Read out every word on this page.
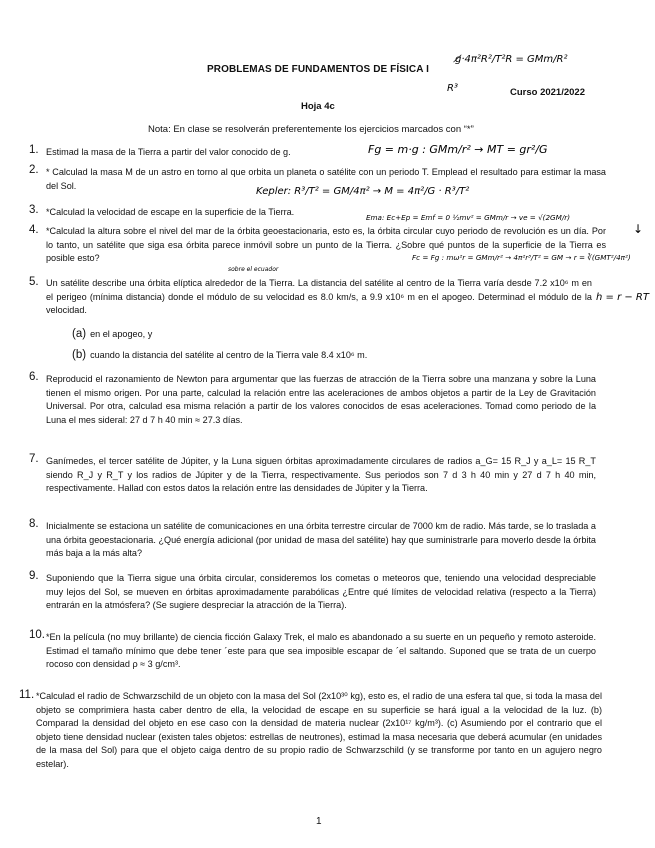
PROBLEMAS DE FUNDAMENTOS DE FÍSICA I
Curso 2021/2022
Hoja 4c
Nota: En clase se resolverán preferentemente los ejercicios marcados con “*”
g̸·4π²R²/T²R = GMm/R²
R³
Fg = m·g : GMm/r² → MT = gr²/G
Kepler: R³/T² = GM/4π² → M = 4π²/G · R³/T²
Ema: Ec+Ep = Emf = 0 ½mv² = GMm/r → ve = √(2GM/r)
↓
Fc = Fg : mω²r = GMm/r² → 4π²r³/T² = GM → r = ∛(GMT²/4π²)
sobre el ecuador
h = r − RT
1. Estimad la masa de la Tierra a partir del valor conocido de g.
2. * Calculad la masa M de un astro en torno al que orbita un planeta o satélite con un periodo T. Emplead el resultado para estimar la masa del Sol.
3. *Calculad la velocidad de escape en la superficie de la Tierra.
4. *Calculad la altura sobre el nivel del mar de la órbita geoestacionaria, esto es, la órbita circular cuyo periodo de revolución es un día. Por lo tanto, un satélite que siga esa órbita parece inmóvil sobre un punto de la Tierra. ¿Sobre qué puntos de la superficie de la Tierra es posible esto?
5. Un satélite describe una órbita elíptica alrededor de la Tierra. La distancia del satélite al centro de la Tierra varía desde 7.2 x10⁶ m en el perigeo (mínima distancia) donde el módulo de su velocidad es 8.0 km/s, a 9.9 x10⁶ m en el apogeo. Determinad el módulo de la velocidad.
(a) en el apogeo, y
(b) cuando la distancia del satélite al centro de la Tierra vale 8.4 x10⁶ m.
6. Reproducid el razonamiento de Newton para argumentar que las fuerzas de atracción de la Tierra sobre una manzana y sobre la Luna tienen el mismo origen. Por una parte, calculad la relación entre las aceleraciones de ambos objetos a partir de la Ley de Gravitación Universal. Por otra, calculad esa misma relación a partir de los valores conocidos de esas aceleraciones. Tomad como periodo de la Luna el mes sideral: 27 d 7 h 40 min ≈ 27.3 días.
7. Ganímedes, el tercer satélite de Júpiter, y la Luna siguen órbitas aproximadamente circulares de radios a_G= 15 R_J y a_L= 15 R_T siendo R_J y R_T y los radios de Júpiter y de la Tierra, respectivamente. Sus periodos son 7 d 3 h 40 min y 27 d 7 h 40 min, respectivamente. Hallad con estos datos la relación entre las densidades de Júpiter y la Tierra.
8. Inicialmente se estaciona un satélite de comunicaciones en una órbita terrestre circular de 7000 km de radio. Más tarde, se lo traslada a una órbita geoestacionaria. ¿Qué energía adicional (por unidad de masa del satélite) hay que suministrarle para moverlo desde la órbita más baja a la más alta?
9. Suponiendo que la Tierra sigue una órbita circular, consideremos los cometas o meteoros que, teniendo una velocidad despreciable muy lejos del Sol, se mueven en órbitas aproximadamente parabólicas ¿Entre qué límites de velocidad relativa (respecto a la Tierra) entrarán en la atmósfera? (Se sugiere despreciar la atracción de la Tierra).
10. *En la película (no muy brillante) de ciencia ficción Galaxy Trek, el malo es abandonado a su suerte en un pequeño y remoto asteroide. Estimad el tamaño mínimo que debe tener ´este para que sea imposible escapar de ´el saltando. Suponed que se trata de un cuerpo rocoso con densidad ρ ≈ 3 g/cm³.
11. *Calculad el radio de Schwarzschild de un objeto con la masa del Sol (2x10³⁰ kg), esto es, el radio de una esfera tal que, si toda la masa del objeto se comprimiera hasta caber dentro de ella, la velocidad de escape en su superficie se hará igual a la velocidad de la luz. (b) Comparad la densidad del objeto en ese caso con la densidad de materia nuclear (2x10¹⁷ kg/m³). (c) Asumiendo por el contrario que el objeto tiene densidad nuclear (existen tales objetos: estrellas de neutrones), estimad la masa necesaria que deberá acumular (en unidades de la masa del Sol) para que el objeto caiga dentro de su propio radio de Schwarzschild (y se transforme por tanto en un agujero negro estelar).
1
